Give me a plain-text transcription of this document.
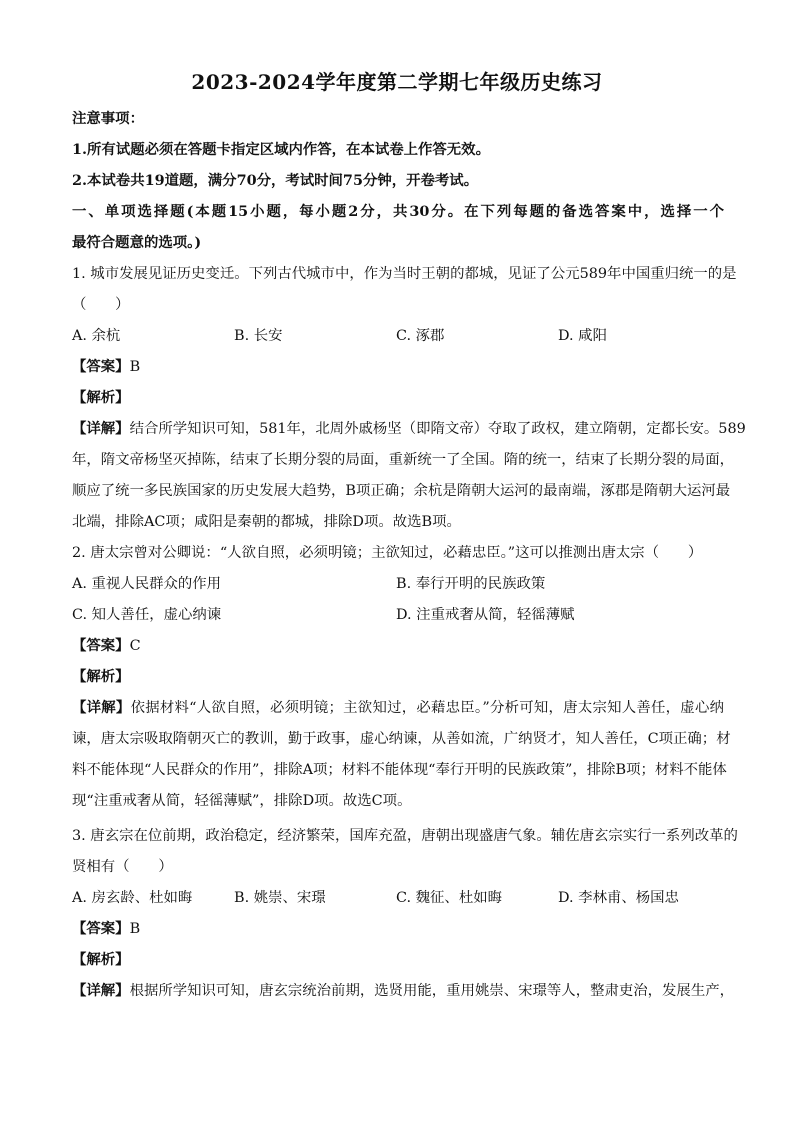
2023-2024学年度第二学期七年级历史练习
注意事项：
1.所有试题必须在答题卡指定区域内作答，在本试卷上作答无效。
2.本试卷共19道题，满分70分，考试时间75分钟，开卷考试。
一、单项选择题(本题15小题，每小题2分，共30分。在下列每题的备选答案中，选择一个
最符合题意的选项。)
1. 城市发展见证历史变迁。下列古代城市中，作为当时王朝的都城，见证了公元589年中国重归统一的是
（　　）
A. 余杭	B. 长安	C. 涿郡	D. 咸阳
【答案】B
【解析】
【详解】结合所学知识可知，581年，北周外戚杨坚（即隋文帝）夺取了政权，建立隋朝，定都长安。589
年，隋文帝杨坚灭掉陈，结束了长期分裂的局面，重新统一了全国。隋的统一，结束了长期分裂的局面，
顺应了统一多民族国家的历史发展大趋势，B项正确；余杭是隋朝大运河的最南端，涿郡是隋朝大运河最
北端，排除AC项；咸阳是秦朝的都城，排除D项。故选B项。
2. 唐太宗曾对公卿说：“人欲自照，必须明镜；主欲知过，必藉忠臣。”这可以推测出唐太宗（　　）
A. 重视人民群众的作用	B. 奉行开明的民族政策
C. 知人善任，虚心纳谏	D. 注重戒奢从简，轻徭薄赋
【答案】C
【解析】
【详解】依据材料“人欲自照，必须明镜；主欲知过，必藉忠臣。”分析可知，唐太宗知人善任，虚心纳
谏，唐太宗吸取隋朝灭亡的教训，勤于政事，虚心纳谏，从善如流，广纳贤才，知人善任，C项正确；材
料不能体现“人民群众的作用”，排除A项；材料不能体现“奉行开明的民族政策”，排除B项；材料不能体
现“注重戒奢从简，轻徭薄赋”，排除D项。故选C项。
3. 唐玄宗在位前期，政治稳定，经济繁荣，国库充盈，唐朝出现盛唐气象。辅佐唐玄宗实行一系列改革的
贤相有（　　）
A. 房玄龄、杜如晦	B. 姚崇、宋璟	C. 魏征、杜如晦	D. 李林甫、杨国忠
【答案】B
【解析】
【详解】根据所学知识可知，唐玄宗统治前期，选贤用能，重用姚崇、宋璟等人，整肃吏治，发展生产，
